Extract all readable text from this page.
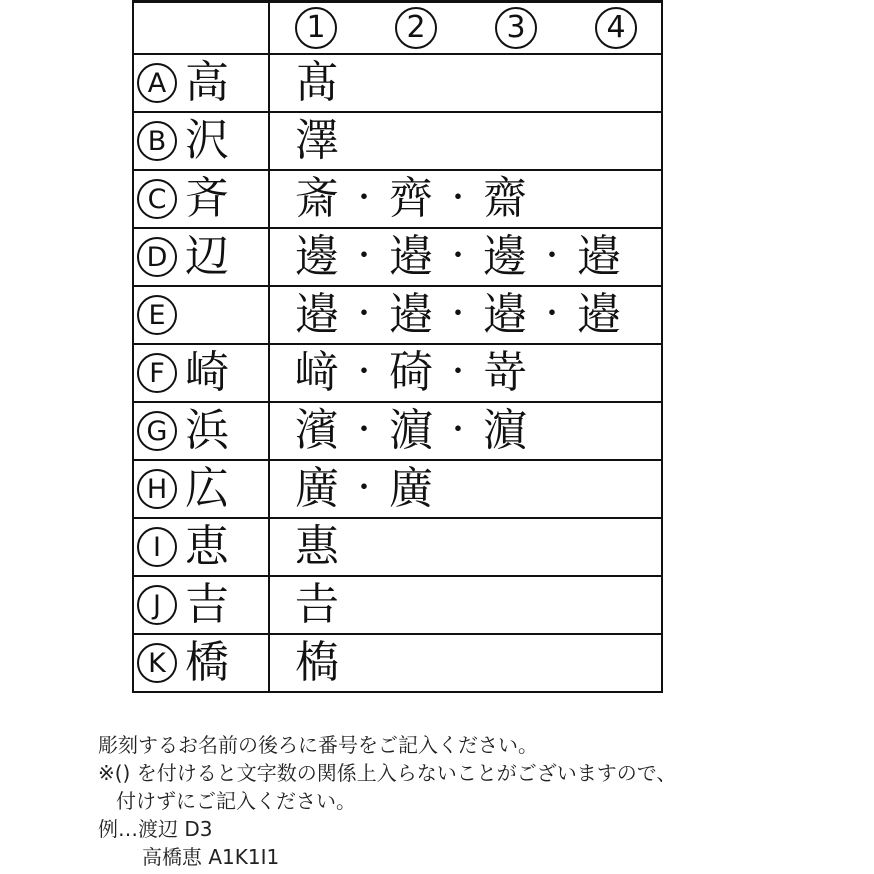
1	2	3	4
A 高 髙
B 沢 澤
C 斉 斎 ・ 齊 ・ 齋
D 辺 邊 ・ 邉 ・ 邊 ・ 邉
E	邉 ・ 邉 ・ 邉 ・ 邉
F 崎 﨑 ・ 碕 ・ 嵜
G 浜 濱 ・ 濵 ・ 濵
H 広 廣 ・ 廣
I 恵 惠
J 吉 𠮷
K 橋 槗
彫刻するお名前の後ろに番号をご記入ください。
※() を付けると文字数の関係上入らないことがございますので、
付けずにご記入ください。
例…渡辺 D3
高橋恵 A1K1I1
